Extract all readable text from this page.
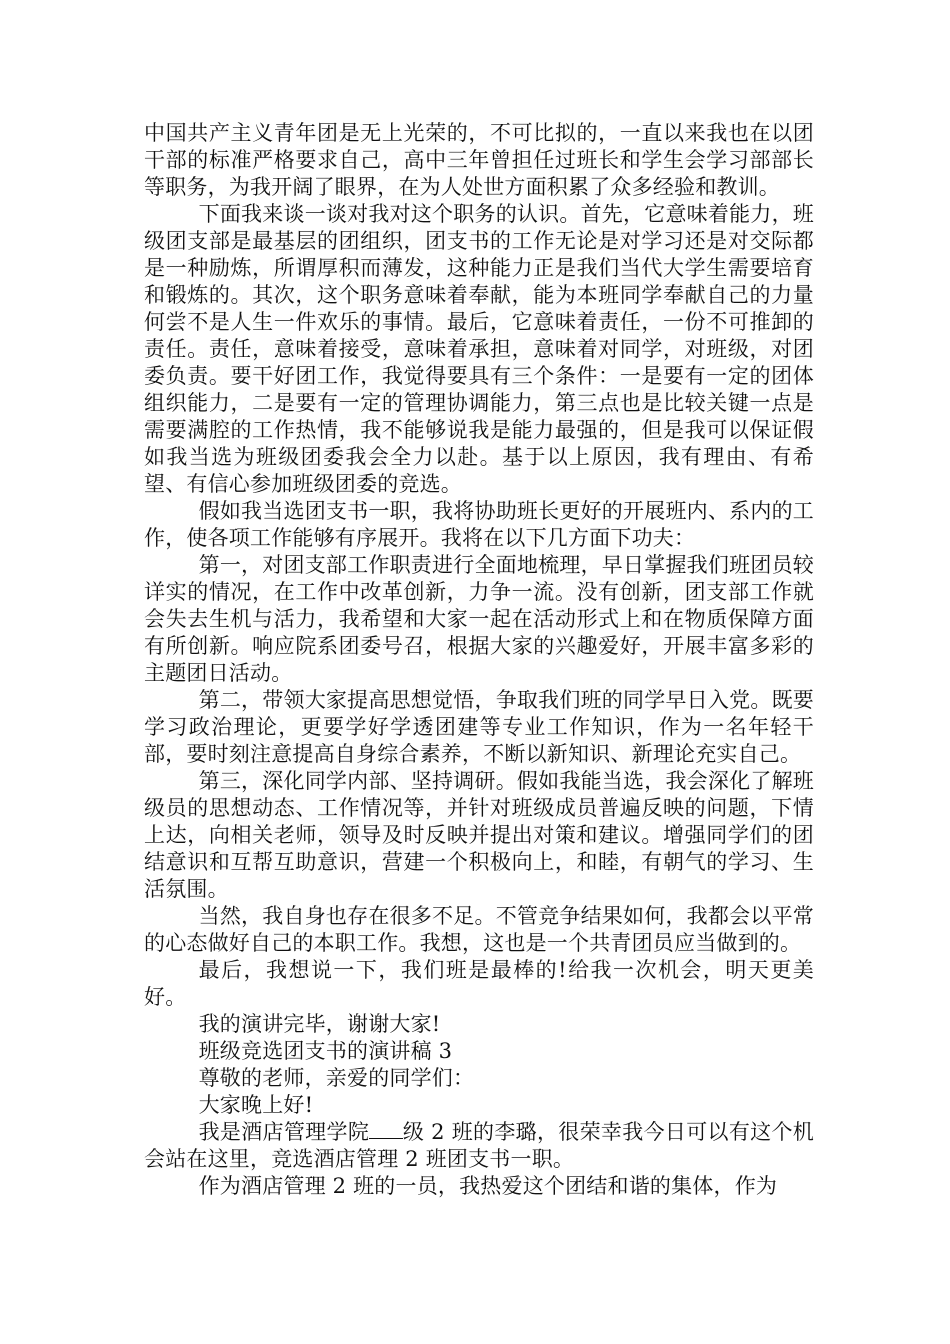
中国共产主义青年团是无上光荣的，不可比拟的，一直以来我也在以团干部的标准严格要求自己，高中三年曾担任过班长和学生会学习部部长等职务，为我开阔了眼界，在为人处世方面积累了众多经验和教训。

下面我来谈一谈对我对这个职务的认识。首先，它意味着能力，班级团支部是最基层的团组织，团支书的工作无论是对学习还是对交际都是一种励炼，所谓厚积而薄发，这种能力正是我们当代大学生需要培育和锻炼的。其次，这个职务意味着奉献，能为本班同学奉献自己的力量何尝不是人生一件欢乐的事情。最后，它意味着责任，一份不可推卸的责任。责任，意味着接受，意味着承担，意味着对同学，对班级，对团委负责。要干好团工作，我觉得要具有三个条件：一是要有一定的团体组织能力，二是要有一定的管理协调能力，第三点也是比较关键一点是需要满腔的工作热情，我不能够说我是能力最强的，但是我可以保证假如我当选为班级团委我会全力以赴。基于以上原因，我有理由、有希望、有信心参加班级团委的竞选。

假如我当选团支书一职，我将协助班长更好的开展班内、系内的工作，使各项工作能够有序展开。我将在以下几方面下功夫：

第一，对团支部工作职责进行全面地梳理，早日掌握我们班团员较详实的情况，在工作中改革创新，力争一流。没有创新，团支部工作就会失去生机与活力，我希望和大家一起在活动形式上和在物质保障方面有所创新。响应院系团委号召，根据大家的兴趣爱好，开展丰富多彩的主题团日活动。

第二，带领大家提高思想觉悟，争取我们班的同学早日入党。既要学习政治理论，更要学好学透团建等专业工作知识，作为一名年轻干部，要时刻注意提高自身综合素养，不断以新知识、新理论充实自己。

第三，深化同学内部、坚持调研。假如我能当选，我会深化了解班级员的思想动态、工作情况等，并针对班级成员普遍反映的问题，下情上达，向相关老师，领导及时反映并提出对策和建议。增强同学们的团结意识和互帮互助意识，营建一个积极向上，和睦，有朝气的学习、生活氛围。

当然，我自身也存在很多不足。不管竞争结果如何，我都会以平常的心态做好自己的本职工作。我想，这也是一个共青团员应当做到的。

最后，我想说一下，我们班是最棒的!给我一次机会，明天更美好。

我的演讲完毕，谢谢大家!

班级竞选团支书的演讲稿 3

尊敬的老师，亲爱的同学们：

大家晚上好!

我是酒店管理学院 级 2 班的李璐，很荣幸我今日可以有这个机会站在这里，竞选酒店管理 2 班团支书一职。

作为酒店管理 2 班的一员，我热爱这个团结和谐的集体，作为
